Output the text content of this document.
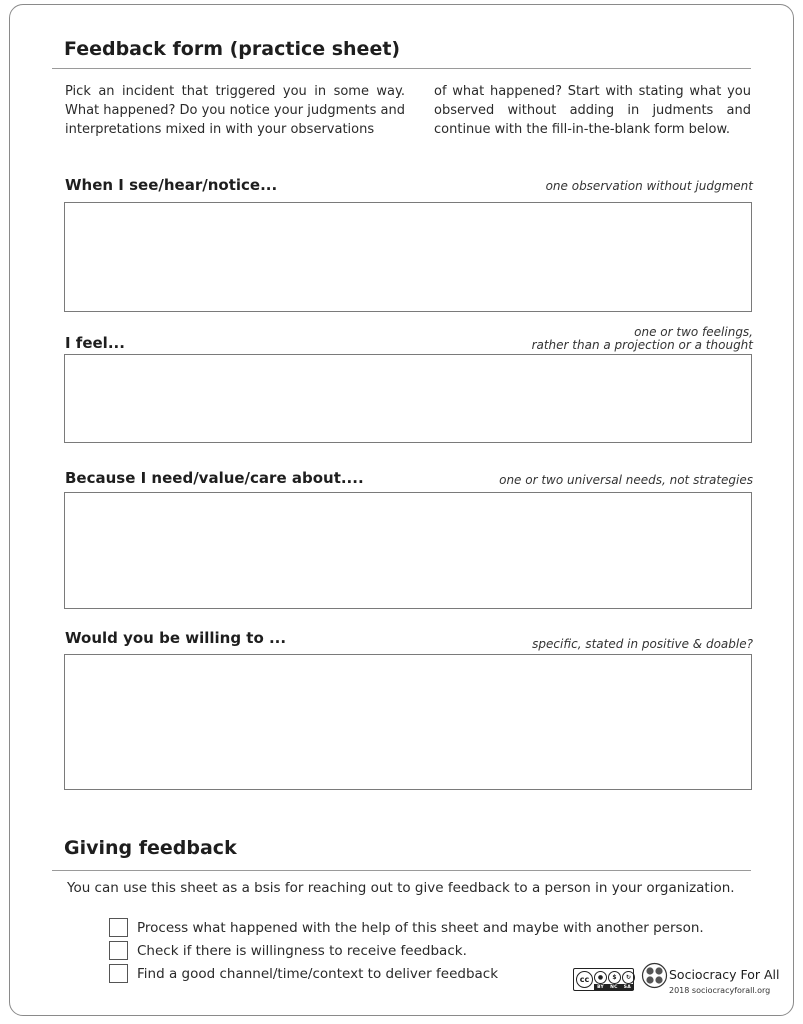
Feedback form (practice sheet)

Pick an incident that triggered you in some way. What happened? Do you notice your judgments and interpretations mixed in with your observations

of what happened? Start with stating what you observed without adding in judments and continue with the fill-in-the-blank form below.

When I see/hear/notice...	one observation without judgment
I feel...
one or two feelings,
rather than a projection or a thought
Because I need/value/care about....	one or two universal needs, not strategies
Would you be willing to ...	specific, stated in positive & doable?
Giving feedback
You can use this sheet as a bsis for reaching out to give feedback to a person in your organization.
Process what happened with the help of this sheet and maybe with another person.
Check if there is willingness to receive feedback.
Find a good channel/time/context to deliver feedback	cc	●	$	↻
BY NC SA
Sociocracy For All
2018 sociocracyforall.org
